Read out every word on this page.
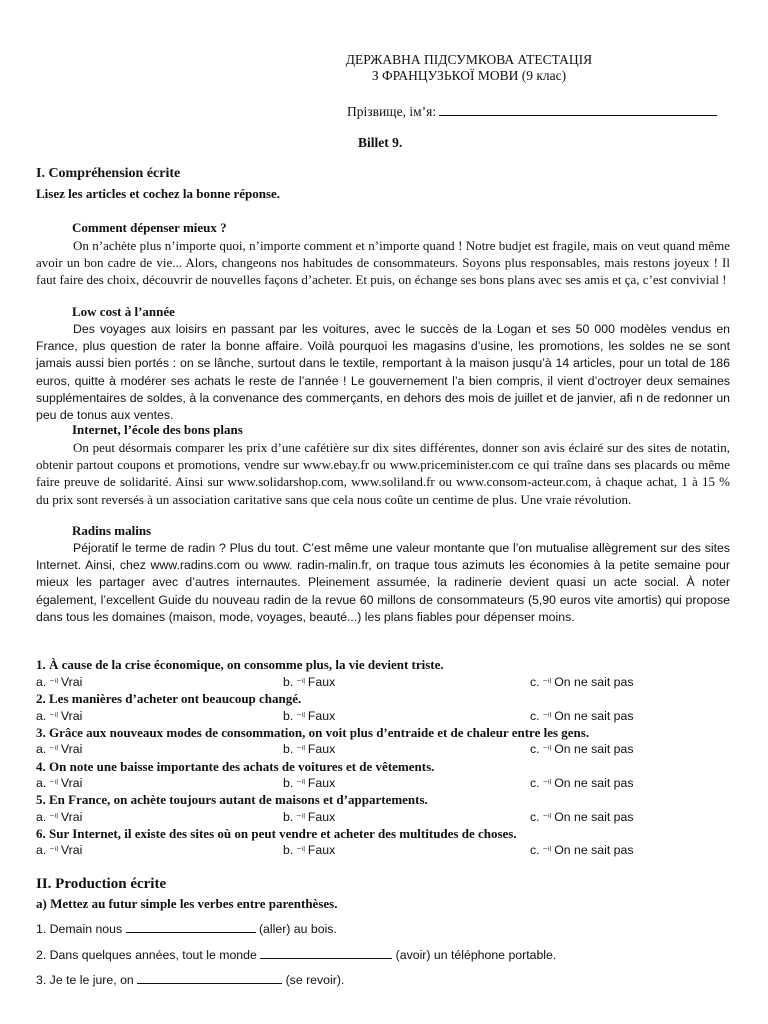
ДЕРЖАВНА ПІДСУМКОВА АТЕСТАЦІЯ
З ФРАНЦУЗЬКОЇ МОВИ (9 клас)
Прізвище, ім’я:
Billet 9.
I. Compréhension écrite
Lisez les articles et cochez la bonne réponse.
Comment dépenser mieux ?

On n’achète plus n’importe quoi, n’importe comment et n’importe quand ! Notre budjet est fragile, mais on veut quand même avoir un bon cadre de vie... Alors, changeons nos habitudes de consommateurs. Soyons plus responsables, mais restons joyeux ! Il faut faire des choix, découvrir de nouvelles façons d’acheter. Et puis, on échange ses bons plans avec ses amis et ça, c’est convivial !

Low cost à l’année

Des voyages aux loisirs en passant par les voitures, avec le succès de la Logan et ses 50 000 modèles vendus en France, plus question de rater la bonne affaire. Voilà pourquoi les magasins d’usine, les promotions, les soldes ne se sont jamais aussi bien portés : on se lânche, surtout dans le textile, remportant à la maison jusqu’à 14 articles, pour un total de 186 euros, quitte à modérer ses achats le reste de l’année ! Le gouvernement l’a bien compris, il vient d’octroyer deux semaines supplémentaires de soldes, à la convenance des commerçants, en dehors des mois de juillet et de janvier, afi n de redonner un peu de tonus aux ventes.

Internet, l’école des bons plans

On peut désormais comparer les prix d’une cafétière sur dix sites différentes, donner son avis éclairé sur des sites de notatin, obtenir partout coupons et promotions, vendre sur www.ebay.fr ou www.priceminister.com ce qui traîne dans ses placards ou même faire preuve de solidarité. Ainsi sur www.solidarshop.com, www.soliland.fr ou www.consom-acteur.com, à chaque achat, 1 à 15 % du prix sont reversés à un association caritative sans que cela nous coûte un centime de plus. Une vraie révolution.

Radins malins

Péjoratif le terme de radin ? Plus du tout. C’est même une valeur montante que l’on mutualise allègrement sur des sites Internet. Ainsi, chez www.radins.com ou www. radin-malin.fr, on traque tous azimuts les économies à la petite semaine pour mieux les partager avec d’autres internautes. Pleinement assumée, la radinerie devient quasi un acte social. À noter également, l’excellent Guide du nouveau radin de la revue 60 millons de consommateurs (5,90 euros vite amortis) qui propose dans tous les domaines (maison, mode, voyages, beauté...) les plans fiables pour dépenser moins.

1. À cause de la crise économique, on consomme plus, la vie devient triste.
a. ⁻ⁱˡ Vrai	b. ⁻ⁱˡ Faux	c. ⁻ⁱˡ On ne sait pas
2. Les manières d’acheter ont beaucoup changé.
a. ⁻ⁱˡ Vrai	b. ⁻ⁱˡ Faux	c. ⁻ⁱˡ On ne sait pas
3. Grâce aux nouveaux modes de consommation, on voit plus d’entraide et de chaleur entre les gens.
a. ⁻ⁱˡ Vrai	b. ⁻ⁱˡ Faux	c. ⁻ⁱˡ On ne sait pas
4. On note une baisse importante des achats de voitures et de vêtements.
a. ⁻ⁱˡ Vrai	b. ⁻ⁱˡ Faux	c. ⁻ⁱˡ On ne sait pas
5. En France, on achète toujours autant de maisons et d’appartements.
a. ⁻ⁱˡ Vrai	b. ⁻ⁱˡ Faux	c. ⁻ⁱˡ On ne sait pas
6. Sur Internet, il existe des sites où on peut vendre et acheter des multitudes de choses.
a. ⁻ⁱˡ Vrai	b. ⁻ⁱˡ Faux	c. ⁻ⁱˡ On ne sait pas
II. Production écrite
a) Mettez au futur simple les verbes entre parenthèses.
1. Demain nous	(aller) au bois.
2. Dans quelques années, tout le monde	(avoir) un téléphone portable.
3. Je te le jure, on	(se revoir).
